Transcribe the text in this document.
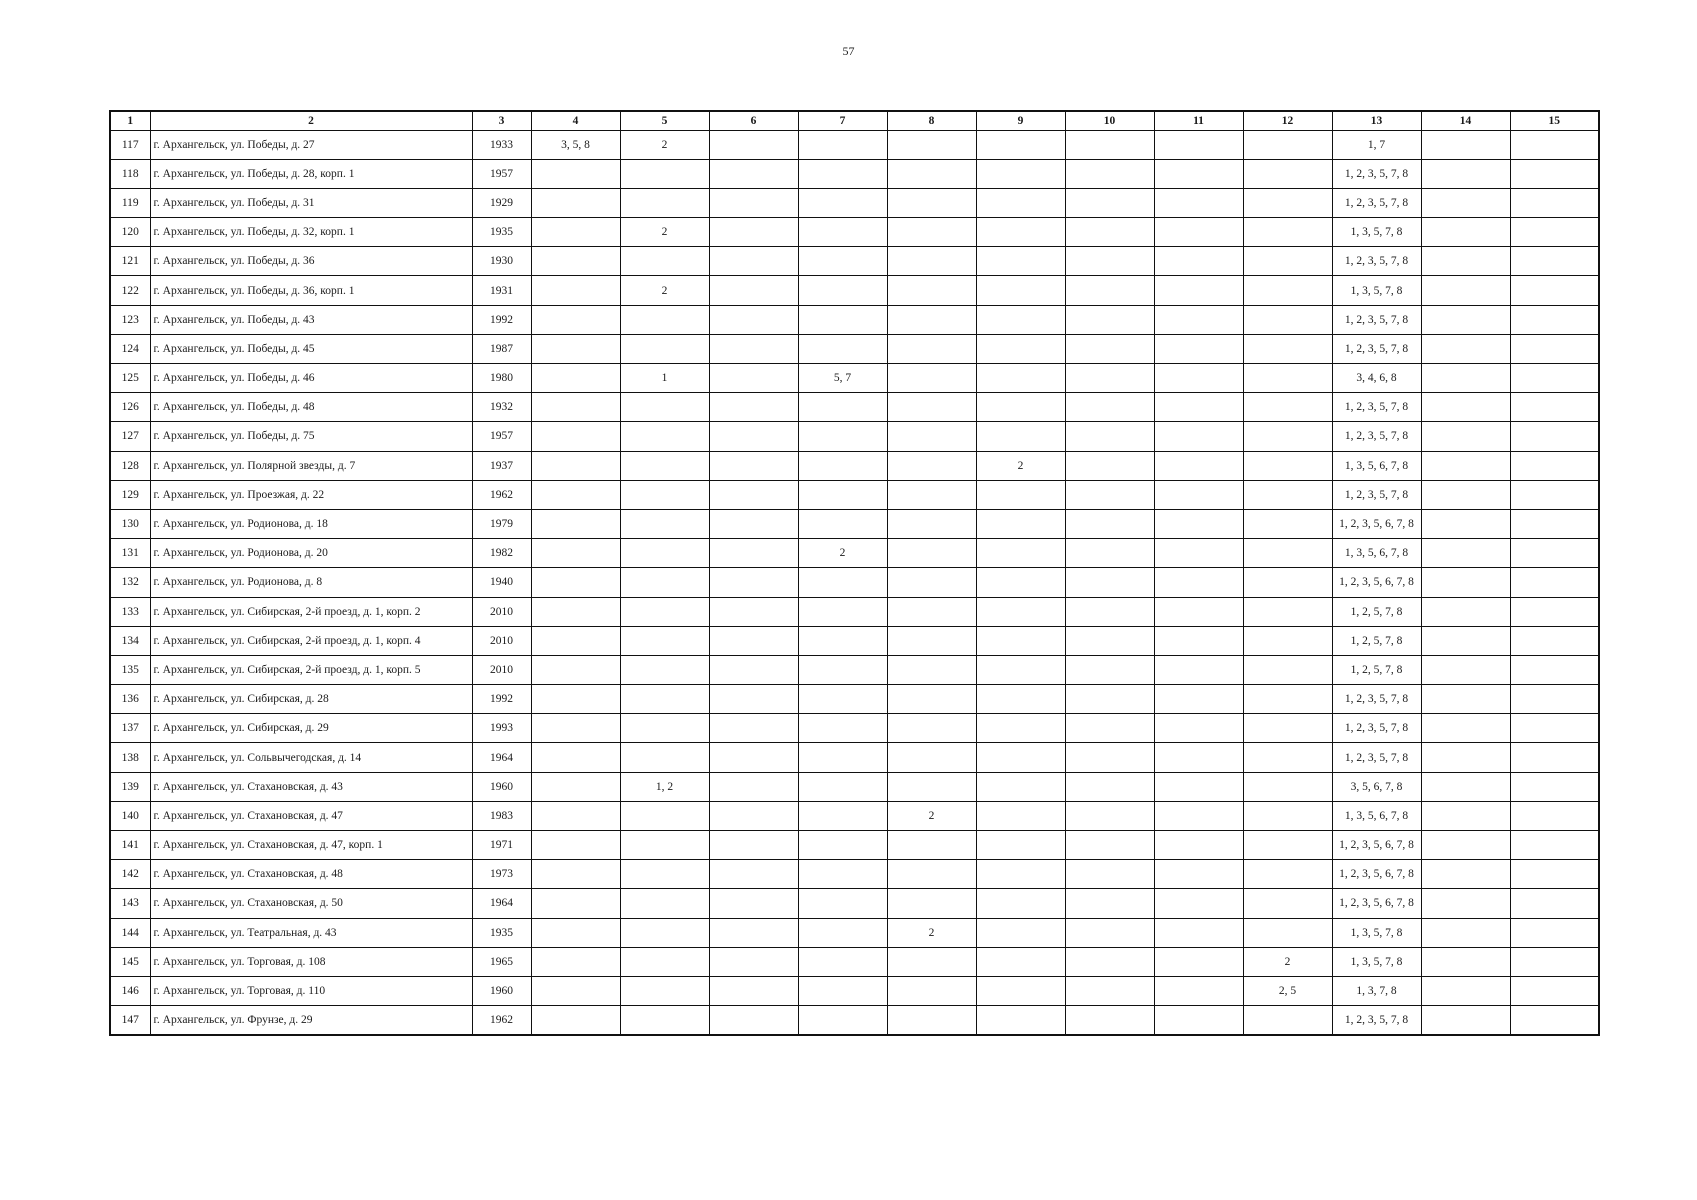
57
1	2	3	4	5	6	7	8	9	10	11	12	13	14	15
117	г. Архангельск, ул. Победы, д. 27	1933	3, 5, 8	2								1, 7		
118	г. Архангельск, ул. Победы, д. 28, корп. 1	1957										1, 2, 3, 5, 7, 8		
119	г. Архангельск, ул. Победы, д. 31	1929										1, 2, 3, 5, 7, 8		
120	г. Архангельск, ул. Победы, д. 32, корп. 1	1935		2								1, 3, 5, 7, 8		
121	г. Архангельск, ул. Победы, д. 36	1930										1, 2, 3, 5, 7, 8		
122	г. Архангельск, ул. Победы, д. 36, корп. 1	1931		2								1, 3, 5, 7, 8		
123	г. Архангельск, ул. Победы, д. 43	1992										1, 2, 3, 5, 7, 8		
124	г. Архангельск, ул. Победы, д. 45	1987										1, 2, 3, 5, 7, 8		
125	г. Архангельск, ул. Победы, д. 46	1980		1		5, 7						3, 4, 6, 8		
126	г. Архангельск, ул. Победы, д. 48	1932										1, 2, 3, 5, 7, 8		
127	г. Архангельск, ул. Победы, д. 75	1957										1, 2, 3, 5, 7, 8		
128	г. Архангельск, ул. Полярной звезды, д. 7	1937						2				1, 3, 5, 6, 7, 8		
129	г. Архангельск, ул. Проезжая, д. 22	1962										1, 2, 3, 5, 7, 8		
130	г. Архангельск, ул. Родионова, д. 18	1979										1, 2, 3, 5, 6, 7, 8		
131	г. Архангельск, ул. Родионова, д. 20	1982				2						1, 3, 5, 6, 7, 8		
132	г. Архангельск, ул. Родионова, д. 8	1940										1, 2, 3, 5, 6, 7, 8		
133	г. Архангельск, ул. Сибирская, 2-й проезд, д. 1, корп. 2	2010										1, 2, 5, 7, 8		
134	г. Архангельск, ул. Сибирская, 2-й проезд, д. 1, корп. 4	2010										1, 2, 5, 7, 8		
135	г. Архангельск, ул. Сибирская, 2-й проезд, д. 1, корп. 5	2010										1, 2, 5, 7, 8		
136	г. Архангельск, ул. Сибирская, д. 28	1992										1, 2, 3, 5, 7, 8		
137	г. Архангельск, ул. Сибирская, д. 29	1993										1, 2, 3, 5, 7, 8		
138	г. Архангельск, ул. Сольвычегодская, д. 14	1964										1, 2, 3, 5, 7, 8		
139	г. Архангельск, ул. Стахановская, д. 43	1960		1, 2								3, 5, 6, 7, 8		
140	г. Архангельск, ул. Стахановская, д. 47	1983					2					1, 3, 5, 6, 7, 8		
141	г. Архангельск, ул. Стахановская, д. 47, корп. 1	1971										1, 2, 3, 5, 6, 7, 8		
142	г. Архангельск, ул. Стахановская, д. 48	1973										1, 2, 3, 5, 6, 7, 8		
143	г. Архангельск, ул. Стахановская, д. 50	1964										1, 2, 3, 5, 6, 7, 8		
144	г. Архангельск, ул. Театральная, д. 43	1935					2					1, 3, 5, 7, 8		
145	г. Архангельск, ул. Торговая, д. 108	1965									2	1, 3, 5, 7, 8		
146	г. Архангельск, ул. Торговая, д. 110	1960									2, 5	1, 3, 7, 8		
147	г. Архангельск, ул. Фрунзе, д. 29	1962										1, 2, 3, 5, 7, 8		
